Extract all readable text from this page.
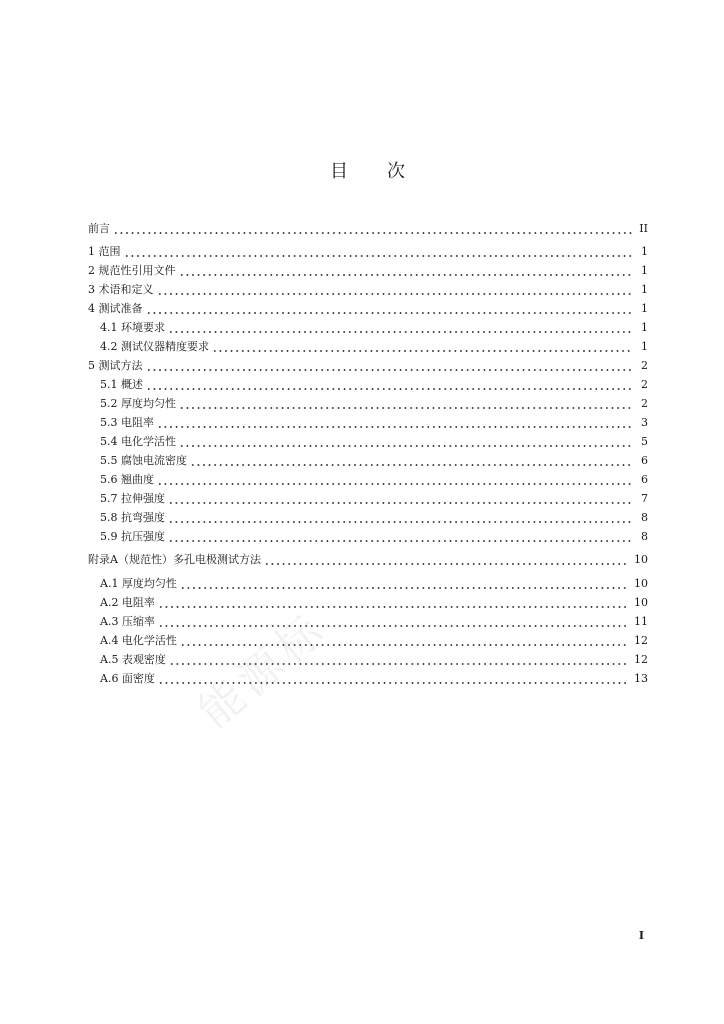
目　　次
前言	II
1 范围	1
2 规范性引用文件	1
3 术语和定义	1
4 测试准备	1
4.1 环境要求	1
4.2 测试仪器精度要求	1
5 测试方法	2
5.1 概述	2
5.2 厚度均匀性	2
5.3 电阻率	3
5.4 电化学活性	5
5.5 腐蚀电流密度	6
5.6 翘曲度	6
5.7 拉伸强度	7
5.8 抗弯强度	8
5.9 抗压强度	8
附录A（规范性）多孔电极测试方法	10
A.1 厚度均匀性	10
A.2 电阻率	10
A.3 压缩率	11
A.4 电化学活性	12
A.5 表观密度	12
A.6 面密度	13
I
